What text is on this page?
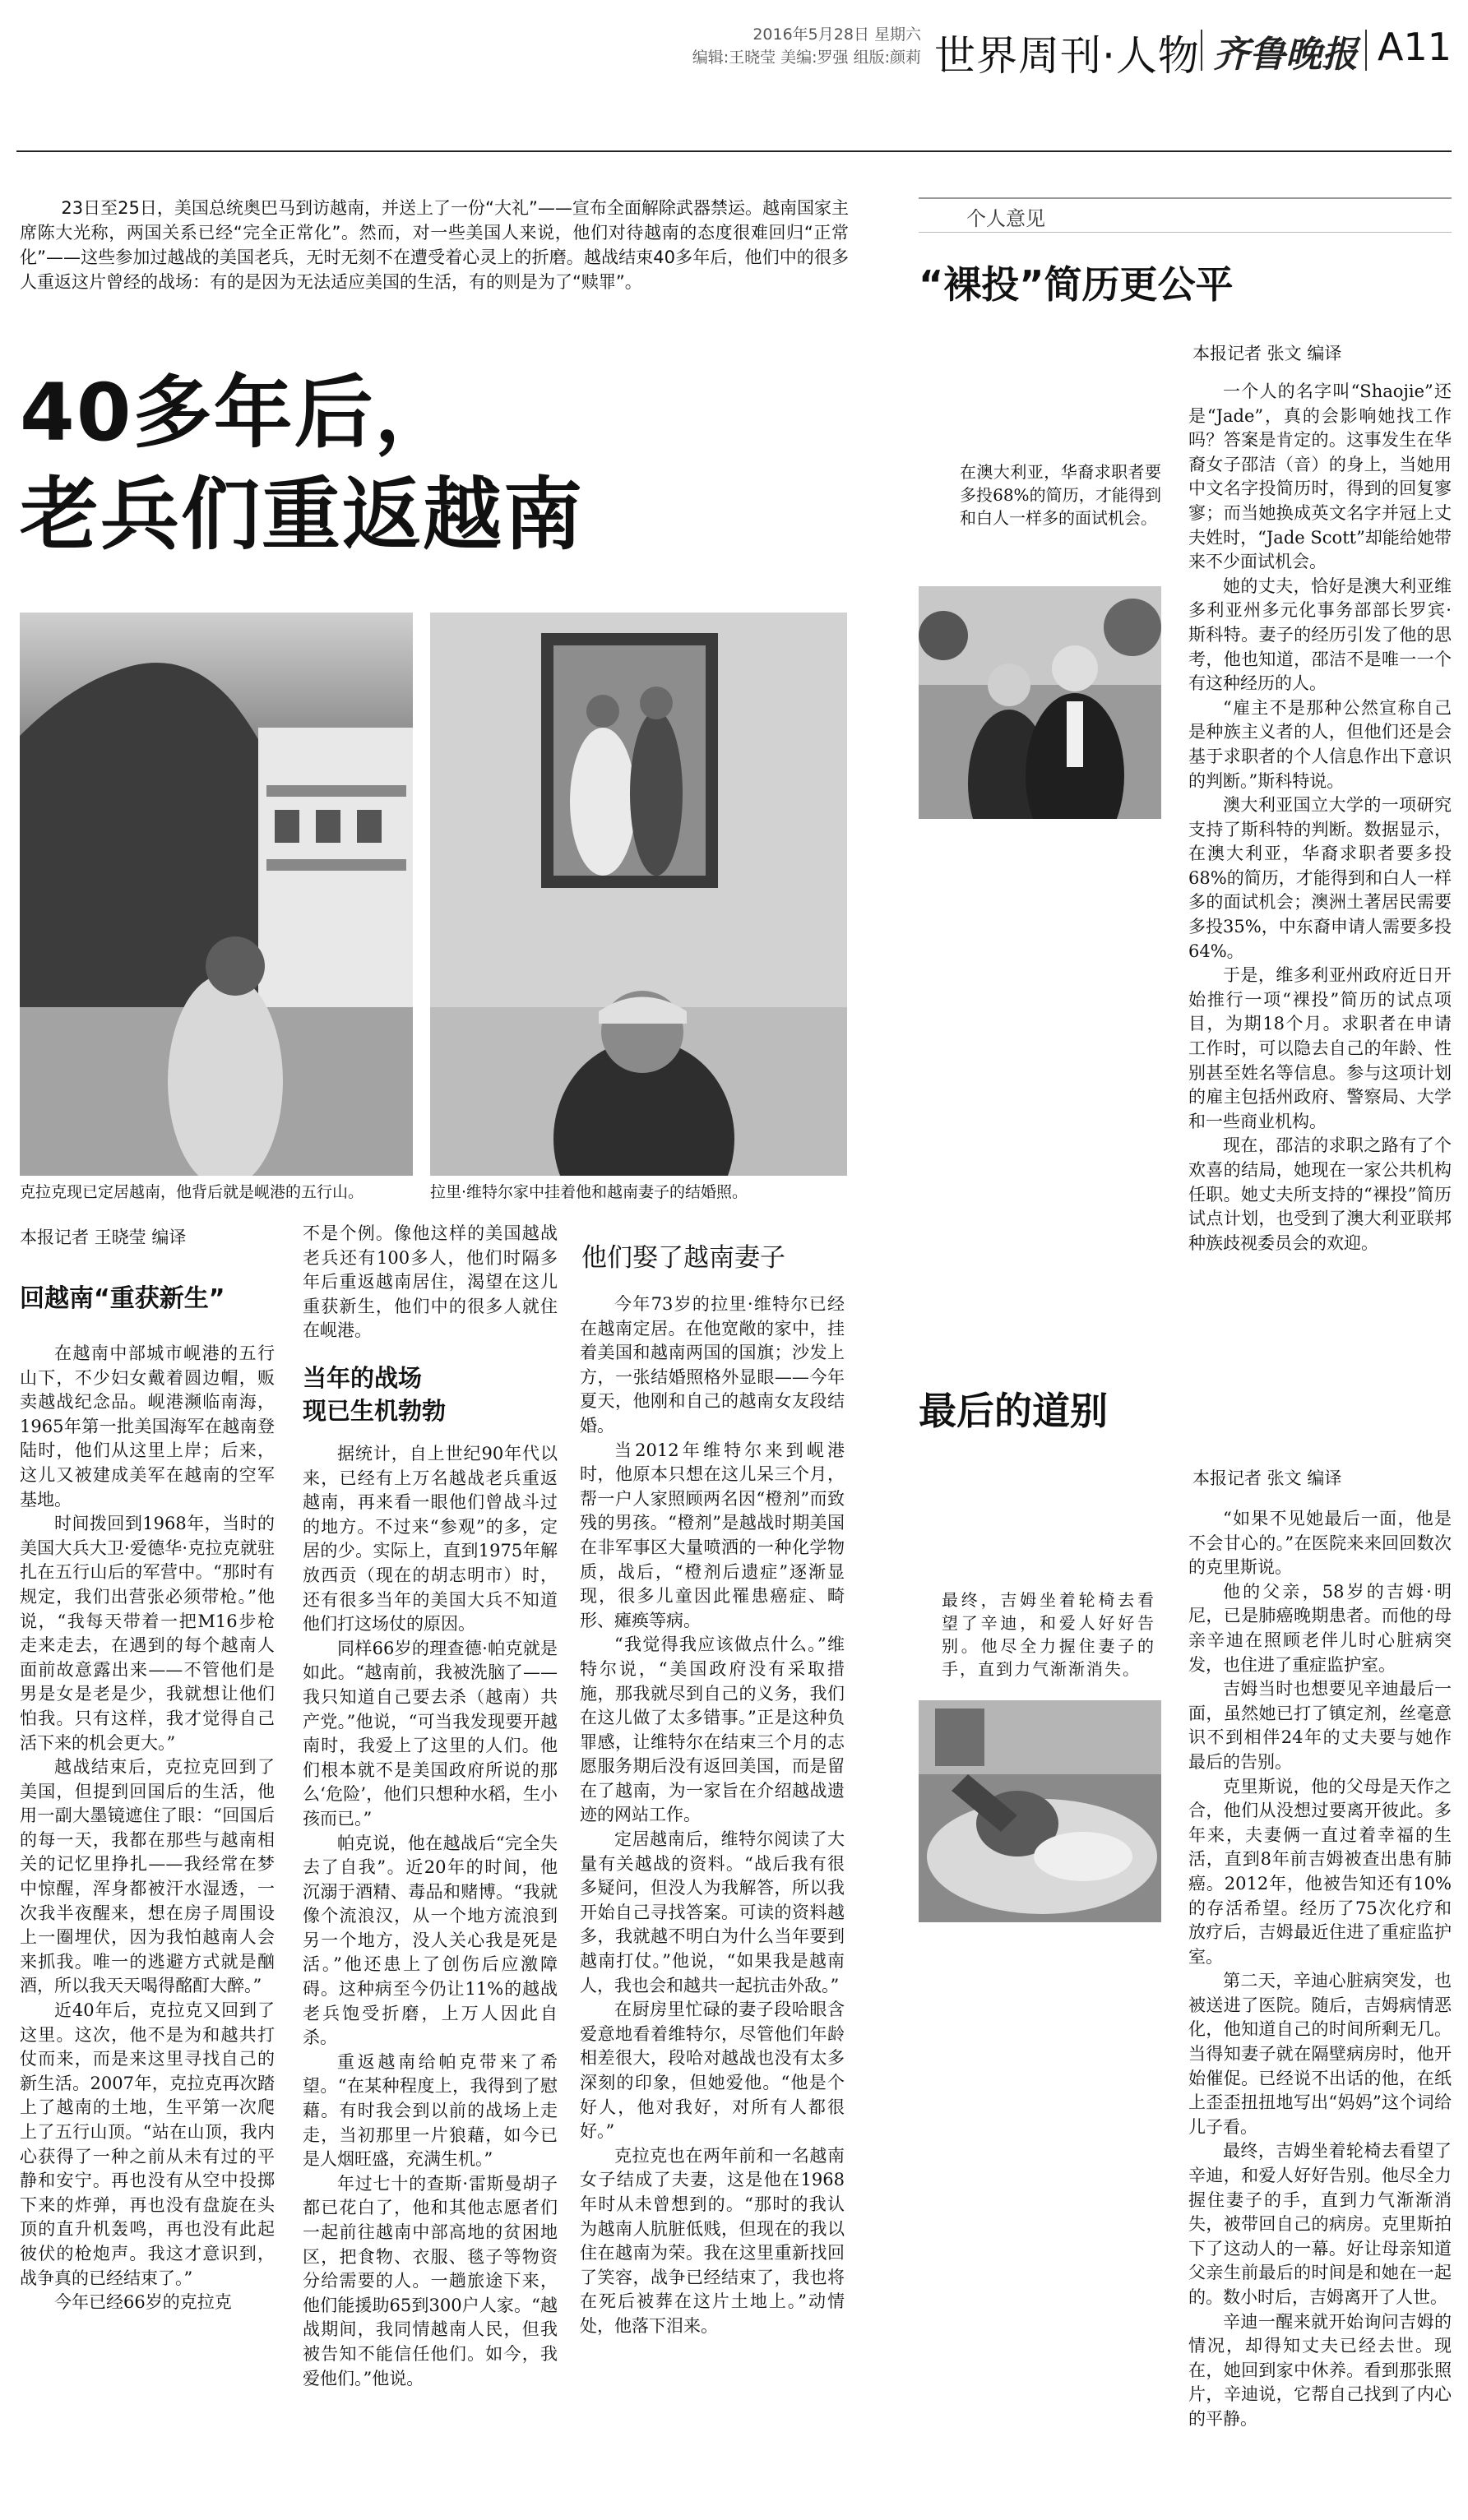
2016年5月28日 星期六
编辑:王晓莹 美编:罗强 组版:颜莉 世界周刊·人物 齐鲁晚报 A11
23日至25日，美国总统奥巴马到访越南，并送上了一份“大礼”——宣布全面解除武器禁运。越南国家主席陈大光称，两国关系已经“完全正常化”。然而，对一些美国人来说，他们对待越南的态度很难回归“正常化”——这些参加过越战的美国老兵，无时无刻不在遭受着心灵上的折磨。越战结束40多年后，他们中的很多人重返这片曾经的战场：有的是因为无法适应美国的生活，有的则是为了“赎罪”。
40多年后，
老兵们重返越南
克拉克现已定居越南，他背后就是岘港的五行山。	拉里·维特尔家中挂着他和越南妻子的结婚照。
本报记者 王晓莹 编译
回越南“重获新生”

在越南中部城市岘港的五行山下，不少妇女戴着圆边帽，贩卖越战纪念品。岘港濒临南海，1965年第一批美国海军在越南登陆时，他们从这里上岸；后来，这儿又被建成美军在越南的空军基地。

时间拨回到1968年，当时的美国大兵大卫·爱德华·克拉克就驻扎在五行山后的军营中。“那时有规定，我们出营张必须带枪。”他说，“我每天带着一把M16步枪走来走去，在遇到的每个越南人面前故意露出来——不管他们是男是女是老是少，我就想让他们怕我。只有这样，我才觉得自己活下来的机会更大。”

越战结束后，克拉克回到了美国，但提到回国后的生活，他用一副大墨镜遮住了眼：“回国后的每一天，我都在那些与越南相关的记忆里挣扎——我经常在梦中惊醒，浑身都被汗水湿透，一次我半夜醒来，想在房子周围设上一圈埋伏，因为我怕越南人会来抓我。唯一的逃避方式就是酗酒，所以我天天喝得酩酊大醉。”

近40年后，克拉克又回到了这里。这次，他不是为和越共打仗而来，而是来这里寻找自己的新生活。2007年，克拉克再次踏上了越南的土地，生平第一次爬上了五行山顶。“站在山顶，我内心获得了一种之前从未有过的平静和安宁。再也没有从空中投掷下来的炸弹，再也没有盘旋在头顶的直升机轰鸣，再也没有此起彼伏的枪炮声。我这才意识到，战争真的已经结束了。”

今年已经66岁的克拉克

不是个例。像他这样的美国越战老兵还有100多人，他们时隔多年后重返越南居住，渴望在这儿重获新生，他们中的很多人就住在岘港。

当年的战场
现已生机勃勃

据统计，自上世纪90年代以来，已经有上万名越战老兵重返越南，再来看一眼他们曾战斗过的地方。不过来“参观”的多，定居的少。实际上，直到1975年解放西贡（现在的胡志明市）时，还有很多当年的美国大兵不知道他们打这场仗的原因。

同样66岁的理查德·帕克就是如此。“越南前，我被洗脑了——我只知道自己要去杀（越南）共产党。”他说，“可当我发现要开越南时，我爱上了这里的人们。他们根本就不是美国政府所说的那么‘危险’，他们只想种水稻，生小孩而已。”

帕克说，他在越战后“完全失去了自我”。近20年的时间，他沉溺于酒精、毒品和赌博。“我就像个流浪汉，从一个地方流浪到另一个地方，没人关心我是死是活。”他还患上了创伤后应激障碍。这种病至今仍让11%的越战老兵饱受折磨，上万人因此自杀。

重返越南给帕克带来了希望。“在某种程度上，我得到了慰藉。有时我会到以前的战场上走走，当初那里一片狼藉，如今已是人烟旺盛，充满生机。”

年过七十的查斯·雷斯曼胡子都已花白了，他和其他志愿者们一起前往越南中部高地的贫困地区，把食物、衣服、毯子等物资分给需要的人。一趟旅途下来，他们能援助65到300户人家。“越战期间，我同情越南人民，但我被告知不能信任他们。如今，我爱他们。”他说。

他们娶了越南妻子

今年73岁的拉里·维特尔已经在越南定居。在他宽敞的家中，挂着美国和越南两国的国旗；沙发上方，一张结婚照格外显眼——今年夏天，他刚和自己的越南女友段结婚。

当2012年维特尔来到岘港时，他原本只想在这儿呆三个月，帮一户人家照顾两名因“橙剂”而致残的男孩。“橙剂”是越战时期美国在非军事区大量喷洒的一种化学物质，战后，“橙剂后遗症”逐渐显现，很多儿童因此罹患癌症、畸形、瘫痪等病。

“我觉得我应该做点什么。”维特尔说，“美国政府没有采取措施，那我就尽到自己的义务，我们在这儿做了太多错事。”正是这种负罪感，让维特尔在结束三个月的志愿服务期后没有返回美国，而是留在了越南，为一家旨在介绍越战遗迹的网站工作。

定居越南后，维特尔阅读了大量有关越战的资料。“战后我有很多疑问，但没人为我解答，所以我开始自己寻找答案。可读的资料越多，我就越不明白为什么当年要到越南打仗。”他说，“如果我是越南人，我也会和越共一起抗击外敌。”

在厨房里忙碌的妻子段哈眼含爱意地看着维特尔，尽管他们年龄相差很大，段哈对越战也没有太多深刻的印象，但她爱他。“他是个好人，他对我好，对所有人都很好。”

克拉克也在两年前和一名越南女子结成了夫妻，这是他在1968年时从未曾想到的。“那时的我认为越南人肮脏低贱，但现在的我以住在越南为荣。我在这里重新找回了笑容，战争已经结束了，我也将在死后被葬在这片土地上。”动情处，他落下泪来。

个人意见
“裸投”简历更公平
本报记者 张文 编译
在澳大利亚，华裔求职者要多投68%的简历，才能得到和白人一样多的面试机会。

一个人的名字叫“Shaojie”还是“Jade”，真的会影响她找工作吗？答案是肯定的。这事发生在华裔女子邵洁（音）的身上，当她用中文名字投简历时，得到的回复寥寥；而当她换成英文名字并冠上丈夫姓时，“Jade Scott”却能给她带来不少面试机会。

她的丈夫，恰好是澳大利亚维多利亚州多元化事务部部长罗宾·斯科特。妻子的经历引发了他的思考，他也知道，邵洁不是唯一一个有这种经历的人。

“雇主不是那种公然宣称自己是种族主义者的人，但他们还是会基于求职者的个人信息作出下意识的判断。”斯科特说。

澳大利亚国立大学的一项研究支持了斯科特的判断。数据显示，在澳大利亚，华裔求职者要多投68%的简历，才能得到和白人一样多的面试机会；澳洲土著居民需要多投35%，中东裔申请人需要多投64%。

于是，维多利亚州政府近日开始推行一项“裸投”简历的试点项目，为期18个月。求职者在申请工作时，可以隐去自己的年龄、性别甚至姓名等信息。参与这项计划的雇主包括州政府、警察局、大学和一些商业机构。

现在，邵洁的求职之路有了个欢喜的结局，她现在一家公共机构任职。她丈夫所支持的“裸投”简历试点计划，也受到了澳大利亚联邦种族歧视委员会的欢迎。

最后的道别
本报记者 张文 编译
最终，吉姆坐着轮椅去看望了辛迪，和爱人好好告别。他尽全力握住妻子的手，直到力气渐渐消失。

“如果不见她最后一面，他是不会甘心的。”在医院来来回回数次的克里斯说。

他的父亲，58岁的吉姆·明尼，已是肺癌晚期患者。而他的母亲辛迪在照顾老伴儿时心脏病突发，也住进了重症监护室。

吉姆当时也想要见辛迪最后一面，虽然她已打了镇定剂，丝毫意识不到相伴24年的丈夫要与她作最后的告别。

克里斯说，他的父母是天作之合，他们从没想过要离开彼此。多年来，夫妻俩一直过着幸福的生活，直到8年前吉姆被查出患有肺癌。2012年，他被告知还有10%的存活希望。经历了75次化疗和放疗后，吉姆最近住进了重症监护室。

第二天，辛迪心脏病突发，也被送进了医院。随后，吉姆病情恶化，他知道自己的时间所剩无几。当得知妻子就在隔壁病房时，他开始催促。已经说不出话的他，在纸上歪歪扭扭地写出“妈妈”这个词给儿子看。

最终，吉姆坐着轮椅去看望了辛迪，和爱人好好告别。他尽全力握住妻子的手，直到力气渐渐消失，被带回自己的病房。克里斯拍下了这动人的一幕。好让母亲知道父亲生前最后的时间是和她在一起的。数小时后，吉姆离开了人世。

辛迪一醒来就开始询问吉姆的情况，却得知丈夫已经去世。现在，她回到家中休养。看到那张照片，辛迪说，它帮自己找到了内心的平静。
